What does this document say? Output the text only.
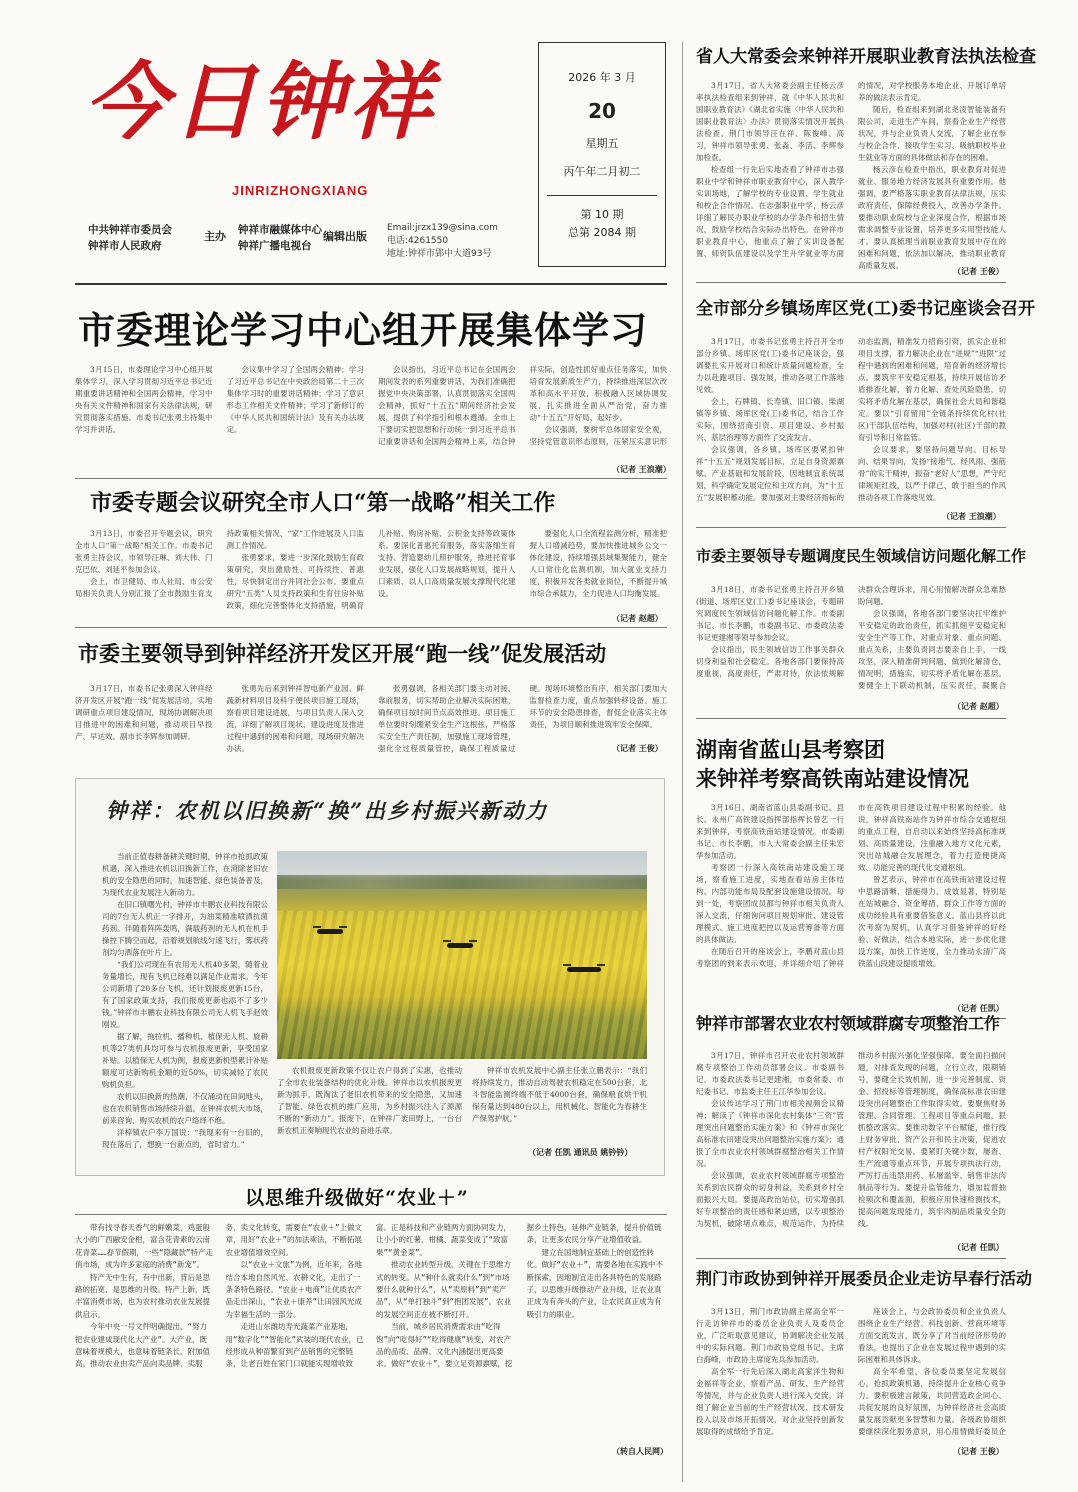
今 日 钟 祥
JINRIZHONGXIANG
中共钟祥市委员会
钟祥市人民政府
主办 钟祥市融媒体中心
钟祥广播电视台
编辑出版
Email:jrzx139@sina.com
电话:4261550
地址:钟祥市郢中大道93号
2026 年 3 月
20
星期五
丙午年二月初二
第 10 期
总第 2084 期
市委理论学习中心组开展集体学习

3月15日，市委理论学习中心组开展集体学习，深入学习贯彻习近平总书记近期重要讲话精神和全国两会精神，学习中央有关文件精神和国家有关法律法规，研究贯彻落实措施。市委书记张勇主持集中学习并讲话。

会议集中学习了全国两会精神；学习了习近平总书记在中央政治局第二十三次集体学习时的重要讲话精神；学习了意识形态工作相关文件精神；学习了新修订的《中华人民共和国统计法》及有关办法规定。

会议指出，习近平总书记在全国两会期间发表的系列重要讲话，为我们准确把握党中央决策部署，认真贯彻落实全国两会精神，抓好“十五五”期间经济社会发展，提供了科学指引和根本遵循。全市上下要切实把思想和行动统一到习近平总书记重要讲话和全国两会精神上来，结合钟祥实际，创造性抓好重点任务落实，加快培育发展新质生产力，持续推进深层次改革和高水平开放，积极融入区域协调发展，扎实推进全面从严治党，奋力推动“十五五”开好局、起好步。

会议强调，要树牢总体国家安全观，坚持党管意识形态原则，压紧压实意识形

（记者 王浪潮）
市委专题会议研究全市人口“第一战略”相关工作

3月13日，市委召开专题会议，研究全市人口“第一战略”相关工作。市委书记张勇主持会议，市领导汪琳、刘大伟、门克巴依、刘延平参加会议。

会上，市卫健局、市人社局、市公安局相关负责人分别汇报了全市鼓励生育支持政策相关情况、“家”工作进展及人口监测工作情况。

张勇要求，要进一步深化鼓励生育政策研究，突出激励性、可持续性、普惠性，尽快制定出台并同社会公布。要重点研究“五类”人员支持政策和生育住房补贴政策，细化完善整体化支持措施，明确育儿补贴、购房补贴、公积金支持等政策体系。要深化普惠托育服务，落实落细生育支持、营造婴幼儿照护服务，推进托育事业发展，强化人口发展战略规划，提升人口素质、以人口高质量发展支撑现代化建设。

要强化人口全流程监测分析，精准把握人口增减趋势，要加快推进城乡公交一体化建设，持续增强县域集聚能力，健全人口常住化监测机制，加大就业支持力度，积极开发各类就业岗位，不断提升城市综合承载力，全力促进人口均衡发展。

（记者 赵超）
市委主要领导到钟祥经济开发区开展“跑一线”促发展活动

3月17日，市委书记张勇深入钟祥经济开发区开展“跑一线”促发展活动，实地调研重点项目建设情况，现场协调解决项目推进中的困难和问题，推动项目早投产、早达效。副市长李辉参加调研。

张勇先后来到钟祥智电新产业园、鲜蔬新材料项目及科宇便民项目施工现场，察看项目建设进展，与项目负责人深入交流，详细了解项目现状、建设进度及推进过程中遇到的困难和问题，现场研究解决办法。

张勇强调，各相关部门要主动对接、靠前服务，切实帮助企业解决实际困难，确保项目按时间节点高效推进。项目施工单位要时刻绷紧安全生产这根弦，严格落实安全生产责任制，加强施工现场管理，强化全过程质量管控，确保工程质量过硬。现场环境整治有序，相关部门要加大监督检查力度，重点加强转移设备、施工环节的安全隐患排查，督促企业落实主体责任，为项目顺利推进筑牢安全保障。

（记者 王俊）
钟祥：农机以旧换新“换”出乡村振兴新动力

当前正值春耕备耕关键时期，钟祥市抢抓政策机遇，深入推进农机以旧换新工作，在消除老旧农机的安全隐患的同时，加速智能、绿色装备普及，为现代农业发展注入新动力。

在旧口镇曙光村，钟祥市丰鹏农业科技有限公司的7台无人机正一字排开，为油菜精准喷洒抗菌药剂。伴随着阵阵轰鸣，满载药剂的无人机在机手操控下腾空而起，沿着规划航线匀速飞行，雾状药剂均匀洒落在叶片上。

“我们公司现在有农用无人机40多架，随着业务量增长，现有飞机已经难以满足作业需求。今年公司新增了20多台飞机，还计划报废更新15台，有了国家政策支持，我们报废更新也添不了多少钱。”钟祥市丰鹏农业科技有限公司无人机飞手赵效刚说。

据了解，拖拉机、播种机、植保无人机、旋耕机等27类机具均可参与农机报废更新，享受国家补贴。以植保无人机为例，报废更新机型累计补贴额度可达新购机金额的近50%，切实减轻了农民购机负担。

农机以旧换新的热潮，不仅涌动在田间地头，也在农机销售市场持续升温。在钟祥农机大市场，前来咨询、购买农机的农户络绎不绝。

洋梓镇农户李万国说：“我现来有一台旧的，现在落后了，想换一台新点的，省时省力。”

农机报废更新政策不仅让农户得到了实惠，也推动了全市农业装备结构的优化升级。钟祥市以农机报废更新为抓手，既淘汰了老旧农机带来的安全隐患，又加速了智能、绿色农机的推广应用，为乡村振兴注入了源源不断的“新动力”。报废下，在钟祥广袤田野上，一台台新农机正奏响现代农业的奋进乐章。

钟祥市农机发展中心副主任张立鹏表示：“我们将持续发力，推动自动驾驶农机稳定在500台套，北斗智能监测终端不低于4000台套，确保粮食烘干机保有量达到480台以上，用机械化、智能化为春耕生产保驾护航。”

（记者 任凯 通讯员 姚钤钤）
以思维升级做好“农业＋”

带有找寻春天香气的鲜嫩菜，鸡蛋般大小的广西融安金柑，富含花青素的云南花青菜……春节假期，一些“隐藏款”特产走俏市场，成为许多家庭的消费“新宠”。

特产无中生有，有中出新，背后是思路的拓宽、是思维的升级。特产上新，既丰富消费市场，也为农村推动农业发展提供启示。

今年中央一号文件明确提出，“努力把农业建成现代化大产业”。大产业，既意味着规模大，也意味着链条长、附加值高。推动农业由卖产品向卖品牌、卖服务、卖文化转变，需要在“农业＋”上做文章，用好“农业＋”的加法乘法，不断拓展农业增值增效空间。

以“农业＋文旅”为例，近年来，各地结合本地自然风光、农耕文化，走出了一条条特色路径。“农业＋电商”让优质农产品走出深山，“农业＋康养”让田园风光成为幸福生活的一部分。

走进山东潍坊寿光蔬菜产业基地，用“数字化”“智能化”武装的现代农业，已经形成从种苗繁育到产品销售的完整链条，让老百姓在家门口就能实现增收致富。正是科技和产业链两方面协同发力，让小小的红薯、柑橘、蔬菜变成了“致富果”“黄金菜”。

推动农业转型升级，关键在于思维方式的转变。从“种什么就卖什么”到“市场要什么就种什么”，从“卖原料”到“卖产品”，从“单打独斗”到“抱团发展”，农业的发展空间正在被不断打开。

当前，城乡居民消费需求由“吃得饱”向“吃得好”“吃得健康”转变，对农产品的品质、品牌、文化内涵提出更高要求。做好“农业＋”，要立足资源禀赋，挖掘乡土特色，延伸产业链条，提升价值链条，让更多农民分享产业增值收益。

建立在国地制宜基础上的创造性转化。做好“农业＋”，需要各地在实践中不断探索，因地制宜走出各具特色的发展路子，以思维升级推动产业升级，让农业真正成为有奔头的产业，让农民真正成为有吸引力的职业。

（转自人民网）
省人大常委会来钟祥开展职业教育法执法检查

3月17日，省人大常委会副主任杨云彦率执法检查组来到钟祥，就《中华人民共和国职业教育法》《湖北省实施〈中华人民共和国职业教育法〉办法》贯彻落实情况开展执法检查。荆门市领导汪在祥、陈俊峰、高习，钟祥市领导张勇、张淼、李活、李辉参加检查。

检查组一行先后实地查看了钟祥市志强职业中学和钟祥市职业教育中心，深入教学实训场地，了解学校的专业设置、学生就业和校企合作情况。在志强职业中学，杨云彦详细了解民办职业学校的办学条件和招生情况，鼓励学校结合实际办出特色。在钟祥市职业教育中心，他重点了解了实训设备配置、师资队伍建设以及学生升学就业等方面的情况，对学校服务本地企业、开展订单培养的做法表示肯定。

随后，检查组来到湖北尧凌智能装备有限公司，走进生产车间，察看企业生产经营状况，并与企业负责人交流，了解企业在参与校企合作、接收学生实习、吸纳职校毕业生就业等方面的具体做法和存在的困难。

杨云彦在检查中指出，职业教育对促进就业、服务地方经济发展具有重要作用。他强调，要严格落实职业教育法律法规，压实政府责任，保障经费投入，改善办学条件。要推动职业院校与企业深度合作，根据市场需求调整专业设置，培养更多实用型技能人才。要认真梳理当前职业教育发展中存在的困难和问题，依法加以解决，推动职业教育高质量发展。

（记者 王俊）
全市部分乡镇场库区党(工)委书记座谈会召开

3月17日，市委书记张勇主持召开全市部分乡镇、场库区党(工)委书记座谈会，强调要扎实开展对口和统计质量问题检查，全力以赴跑项目、强发展，推动各项工作落地见效。

会上，石牌镇、长寿镇、旧口镇、柴湖镇等乡镇、场库区党(工)委书记，结合工作实际，围绕招商引资、项目建设、乡村振兴、基层治理等方面作了交流发言。

会议强调，各乡镇、场库区要紧扣钟祥“十五五”规划发展目标，立足自身资源禀赋、产业基础和发展阶段，因地制宜系统谋划，科学确定发展定位和主攻方向，为“十五五”发展积蓄动能。要加强对主要经济指标的动态监测，精准发力招商引资，抓实企业和项目支撑，着力解决企业在“进规”“进限”过程中遇到的困难和问题，培育新的经济增长点。要筑牢平安稳定根基，持续开展信访矛盾排查化解，着力化解、查处风险隐患，切实将矛盾化解在基层，确保社会大局和谐稳定。要以“引育留用”全链条持续优化村(社区)干部队伍结构，加强对村(社区)干部的教育引导和日常监管。

会议要求，要坚持问题导向、目标导向、结果导向，发扬“接地气、经风雨、强筋骨”的实干精神，振奋“老好人”思想，严守纪律规矩红线，以严于律己、敢于担当的作风推动各项工作落地见效。

（记者 王浪潮）
市委主要领导专题调度民生领域信访问题化解工作

3月18日，市委书记张勇主持召开乡镇(街道、场库区党(工)委书记座谈会，专题研究调度民生领域信访问题化解工作。市委副书记、市长李鹏，市委副书记、市委政法委书记更建湘等领导参加会议。

会议指出，民生领域信访工作事关群众切身利益和社会稳定。各地各部门要保持高度重视，高度责任，严肃对待，依法依规解决群众合理诉求，用心用情解决群众急难愁盼问题。

会议强调，各地各部门要坚决扛牢维护平安稳定的政治责任，抓实抓细平安稳定和安全生产等工作。对重点对象、重点问题、重点关系，主要负责同志要亲自上手，一线攻坚，深入精准研判问题，做到化解清仓，情况明，措施实，切实将矛盾化解在基层。要健全上下联动机制，压实责任，凝聚合

（记者 赵超）
湖南省蓝山县考察团
来钟祥考察高铁南站建设情况

3月16日，湖南省蓝山县委副书记、县长、永州广高铁建设指挥部指挥长曾艺一行来到钟祥，考察高铁南站建设情况。市委副书记、市长李鹏，市人大常委会副主任朱宏华参加活动。

考察团一行深入高铁南站建设施工现场，察看施工进度，实地查看站房主体结构、内部功能布局及配套设施建设情况。每到一处，考察团成员都与钟祥市相关负责人深入交流，仔细询问项目规划审批、建设管理模式、施工进度把控以及运营筹备等方面的具体做法。

在随后召开的座谈会上，李鹏对蓝山县考察团的到来表示欢迎，并详细介绍了钟祥市在高铁项目建设过程中积累的经验。他说，钟祥高铁南站作为钟祥市综合交通枢纽的重点工程，自启动以来始终坚持高标准规划、高质量建设，注重融入地方文化元素，突出站城融合发展理念，着力打造便捷高效、功能完善的现代化交通枢纽。

曾艺表示，钟祥市在高铁南站建设过程中思路清晰、措施得力、成效显著，特别是在站城融合、资金筹措、群众工作等方面的成功经验具有重要借鉴意义。蓝山县将以此次考察为契机，认真学习借鉴钟祥的好经验、好做法，结合本地实际，进一步优化建设方案，加快工作进度，全力推动永清广高铁蓝山段建设提质增效。

（记者 任凯）
钟祥市部署农业农村领域群腐专项整治工作

3月17日，钟祥市召开农业农村领域群腐专项整治工作动员部署会议。市委副书记、市委政法委书记更建湘，市委常委、市纪委书记、市监委主任王江华参加会议。

会议传达学习了荆门市相关视频会议精神；解读了《钟祥市深化农村集体“三资”管理突出问题整治实施方案》和《钟祥市深化高标准农田建设突出问题整治实施方案》；通报了全市农业农村领域群腐整治相关工作情况。

会议强调，农业农村领域群腐专项整治关系到农民群众的切身利益，关系到乡村全面振兴大局。要提高政治站位，切实增强抓好专项整治的责任感和紧迫感，以专项整治为契机，破除堵点难点，规范运作，为持续推动乡村振兴强化坚强保障。要全面扫描问题，对排查发现的问题，立行立改，限期销号，要健全长效机制，进一步完善制度、资金、招投标等管理制度，确保高标准农田建设突出问题整治工作取得实效。要聚焦财务管理、合同管理、工程项目等重点问题，狠抓整改落实。要推动数字平台赋能，推行线上财务审批、资产公开和民主决策，促进农村产权阳光交易。要紧盯关键少数，屡查、生产流通等重点环节，开展专项执法行动，严厉打击违禁用药、私屠滥宰、销售非法肉制品等行为。要提升监管能力，增加监督抽检频次和覆盖面，积极应用快速检测技术，提高问题发现能力，筑牢肉制品质量安全防线。

（记者 任凯）
荆门市政协到钟祥开展委员企业走访早春行活动

3月13日，荆门市政协副主席高全军一行走访钟祥市的委员企业负责人及委员企业，广泛听取意见建议，协调解决企业发展中的实际问题。荆门市政协党组书记、主席白海峰，市政协主席庞先兵参加活动。

高全军一行先后深入湖北高家洋生物和金福祥等企业，察看产品、研发、生产经营等情况，并与企业负责人进行深入交流，详细了解企业当前的生产经营状况、技术研发投入以及市场开拓情况，对企业坚持创新发展取得的成绩给予肯定。

座谈会上，与会政协委员和企业负责人围绕企业生产经营、科技创新、营商环境等方面交流发言，既分享了对当前经济形势的看法，也提出了企业在发展过程中遇到的实际困难和具体诉求。

高全军希望，各位委员要坚定发展信心，抢抓政策机遇，持续提升企业核心竞争力。要积极建言献策，共同营造政企同心、共促发展的良好氛围，为钟祥经济社会高质量发展贡献更多智慧和力量。各级政协组织要继续深化服务意识，用心用情做好委员企

（记者 王俊）
